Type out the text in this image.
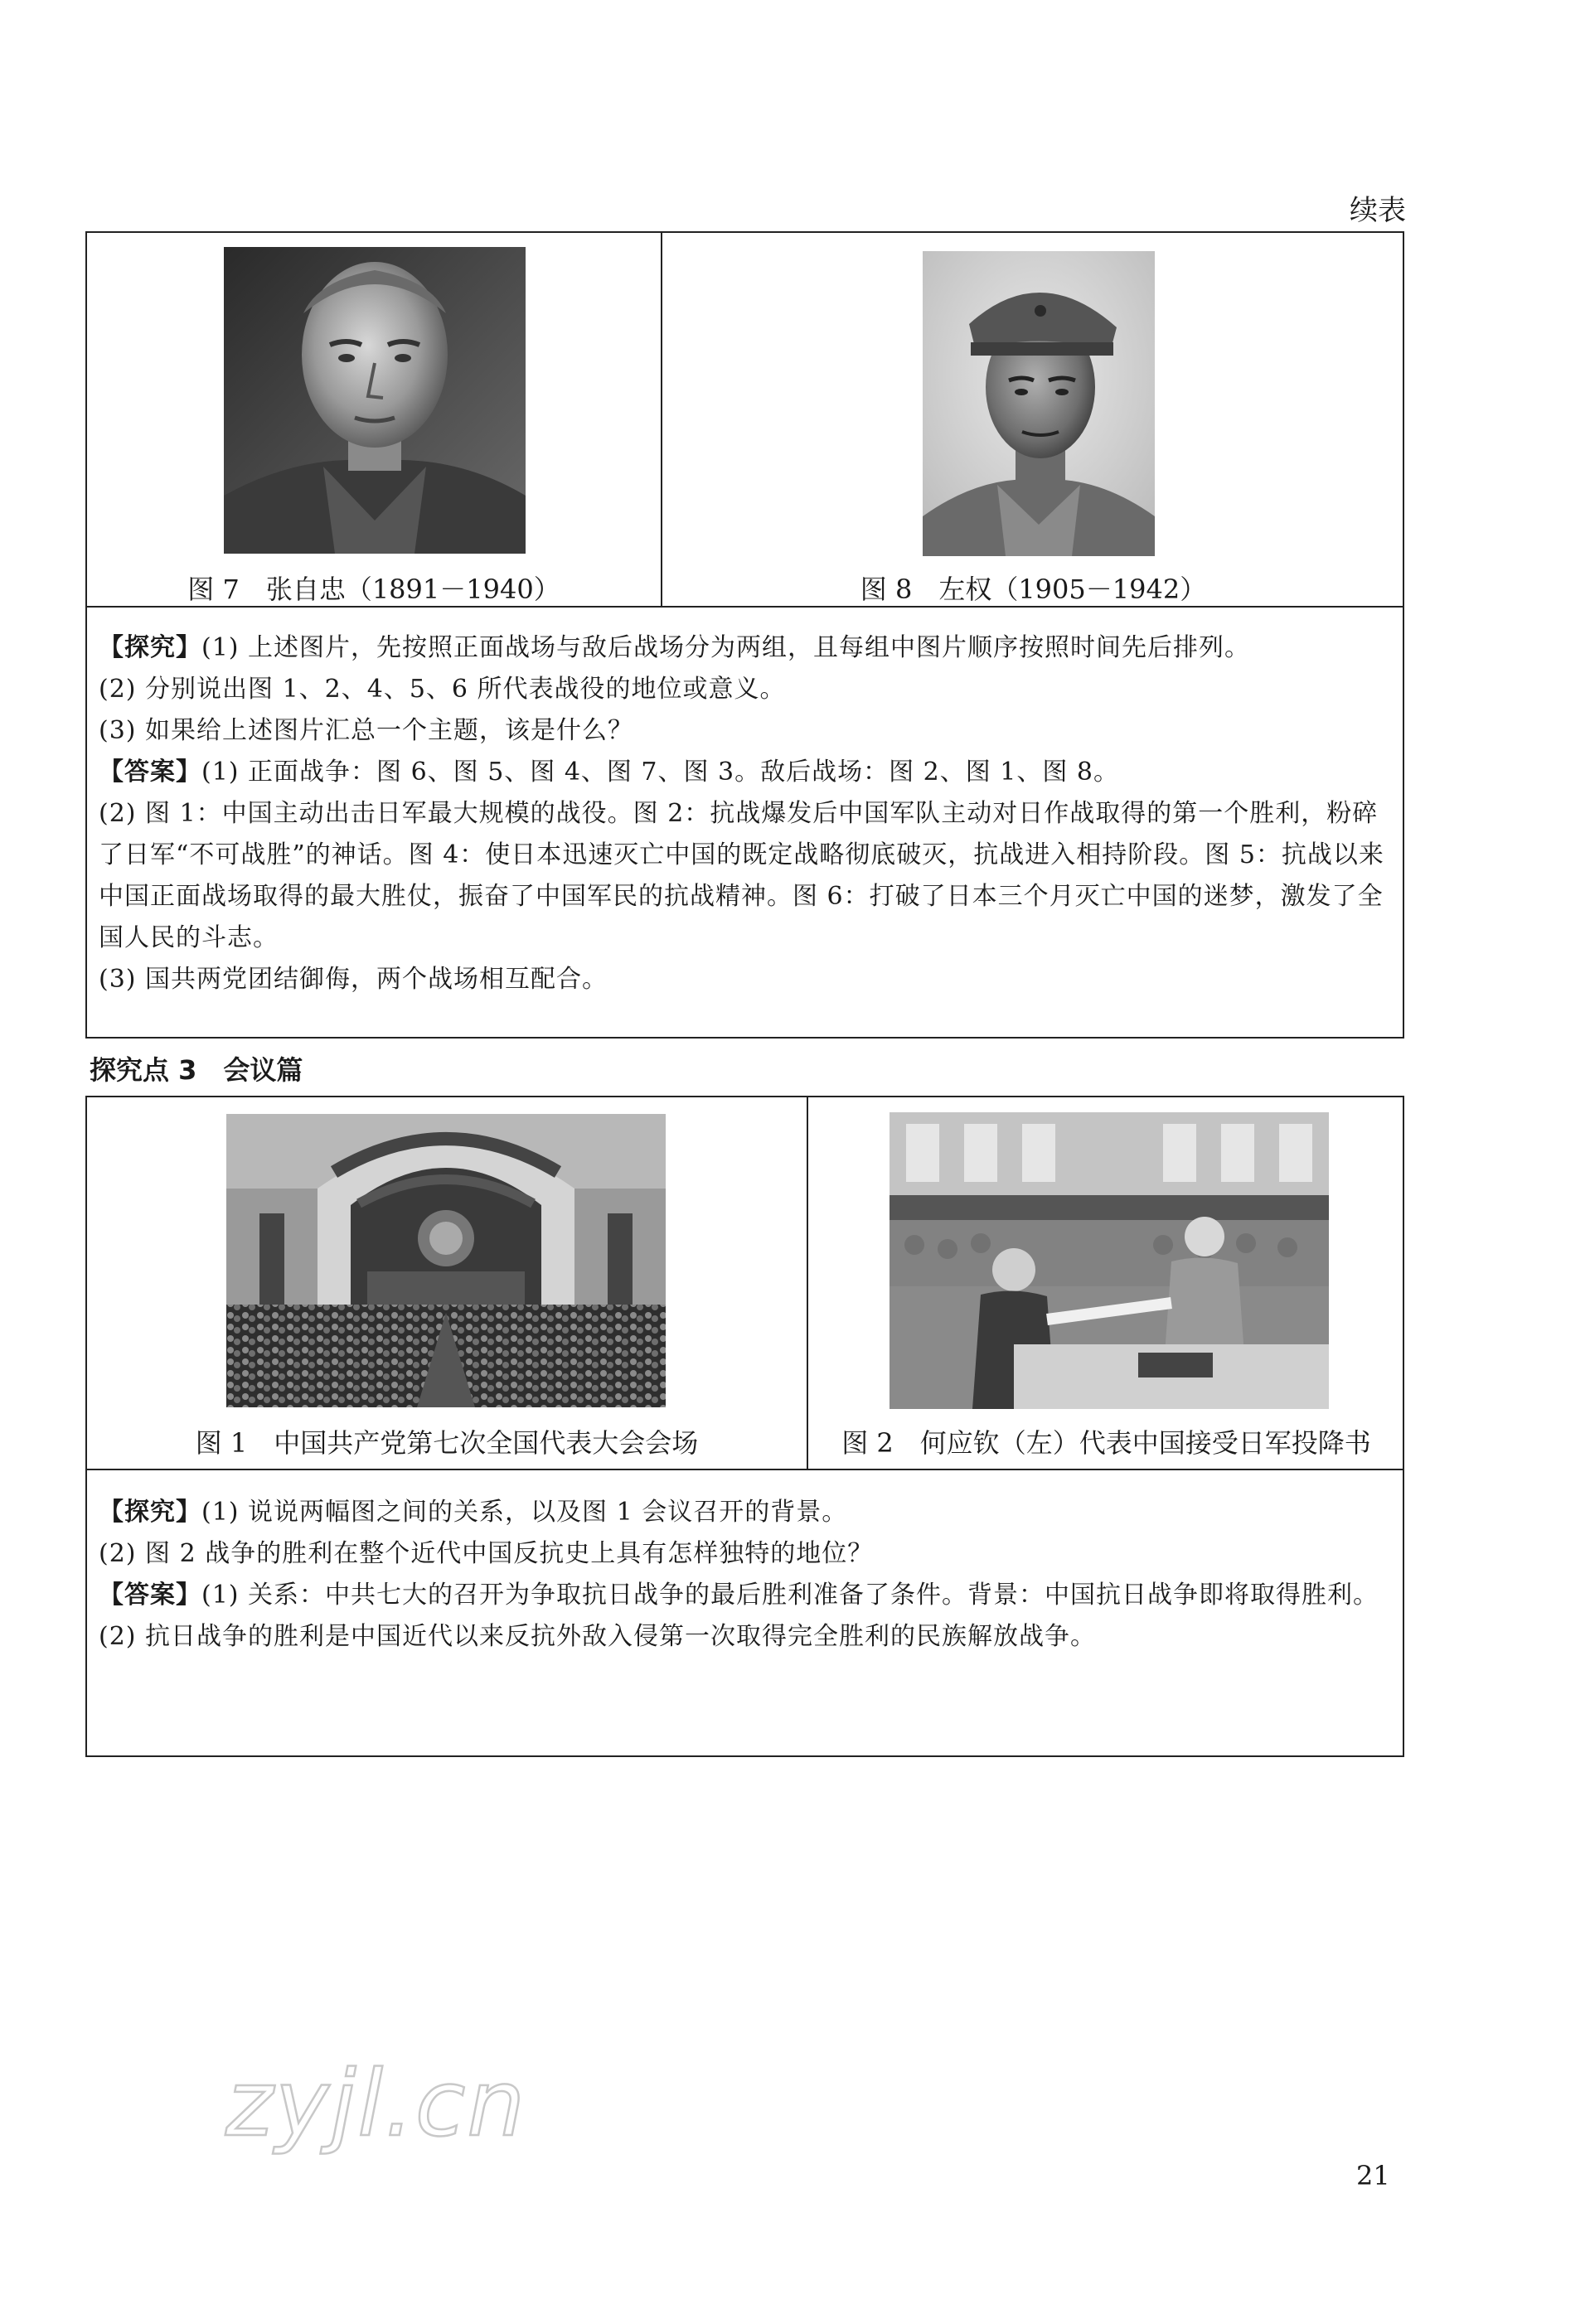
续表
图 7　张自忠（1891－1940）	图 8　左权（1905－1942）

【探究】(1) 上述图片，先按照正面战场与敌后战场分为两组，且每组中图片顺序按照时间先后排列。

(2) 分别说出图 1、2、4、5、6 所代表战役的地位或意义。

(3) 如果给上述图片汇总一个主题，该是什么？

【答案】(1) 正面战争：图 6、图 5、图 4、图 7、图 3。敌后战场：图 2、图 1、图 8。

(2) 图 1：中国主动出击日军最大规模的战役。图 2：抗战爆发后中国军队主动对日作战取得的第一个胜利，粉碎了日军“不可战胜”的神话。图 4：使日本迅速灭亡中国的既定战略彻底破灭，抗战进入相持阶段。图 5：抗战以来中国正面战场取得的最大胜仗，振奋了中国军民的抗战精神。图 6：打破了日本三个月灭亡中国的迷梦，激发了全国人民的斗志。

(3) 国共两党团结御侮，两个战场相互配合。

探究点 3　会议篇
图 1　中国共产党第七次全国代表大会会场	图 2　何应钦（左）代表中国接受日军投降书

【探究】(1) 说说两幅图之间的关系，以及图 1 会议召开的背景。

(2) 图 2 战争的胜利在整个近代中国反抗史上具有怎样独特的地位？

【答案】(1) 关系：中共七大的召开为争取抗日战争的最后胜利准备了条件。背景：中国抗日战争即将取得胜利。

(2) 抗日战争的胜利是中国近代以来反抗外敌入侵第一次取得完全胜利的民族解放战争。

zyjl.cn
21
